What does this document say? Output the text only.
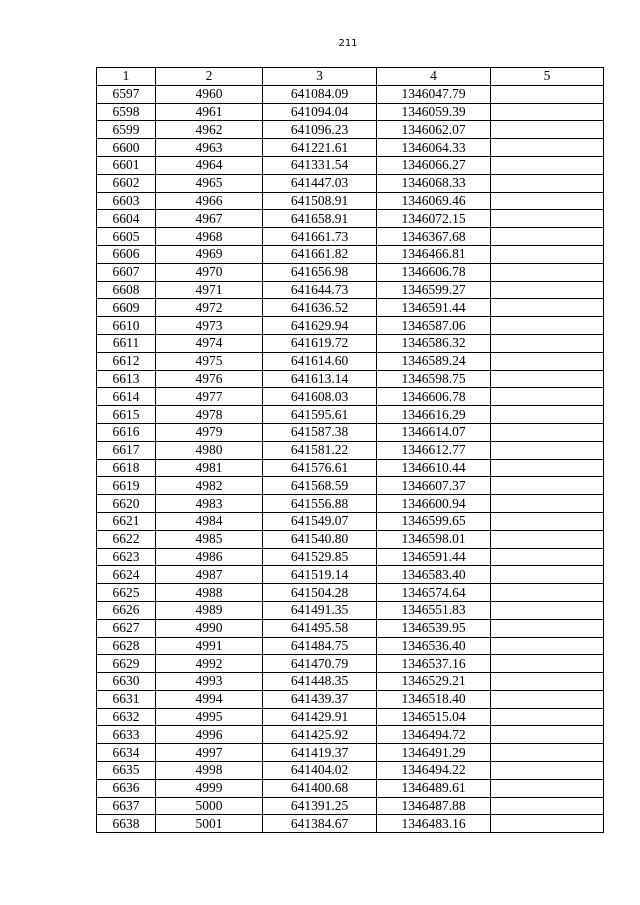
211
1	2	3	4	5
6597	4960	641084.09	1346047.79	
6598	4961	641094.04	1346059.39	
6599	4962	641096.23	1346062.07	
6600	4963	641221.61	1346064.33	
6601	4964	641331.54	1346066.27	
6602	4965	641447.03	1346068.33	
6603	4966	641508.91	1346069.46	
6604	4967	641658.91	1346072.15	
6605	4968	641661.73	1346367.68	
6606	4969	641661.82	1346466.81	
6607	4970	641656.98	1346606.78	
6608	4971	641644.73	1346599.27	
6609	4972	641636.52	1346591.44	
6610	4973	641629.94	1346587.06	
6611	4974	641619.72	1346586.32	
6612	4975	641614.60	1346589.24	
6613	4976	641613.14	1346598.75	
6614	4977	641608.03	1346606.78	
6615	4978	641595.61	1346616.29	
6616	4979	641587.38	1346614.07	
6617	4980	641581.22	1346612.77	
6618	4981	641576.61	1346610.44	
6619	4982	641568.59	1346607.37	
6620	4983	641556.88	1346600.94	
6621	4984	641549.07	1346599.65	
6622	4985	641540.80	1346598.01	
6623	4986	641529.85	1346591.44	
6624	4987	641519.14	1346583.40	
6625	4988	641504.28	1346574.64	
6626	4989	641491.35	1346551.83	
6627	4990	641495.58	1346539.95	
6628	4991	641484.75	1346536.40	
6629	4992	641470.79	1346537.16	
6630	4993	641448.35	1346529.21	
6631	4994	641439.37	1346518.40	
6632	4995	641429.91	1346515.04	
6633	4996	641425.92	1346494.72	
6634	4997	641419.37	1346491.29	
6635	4998	641404.02	1346494.22	
6636	4999	641400.68	1346489.61	
6637	5000	641391.25	1346487.88	
6638	5001	641384.67	1346483.16	
